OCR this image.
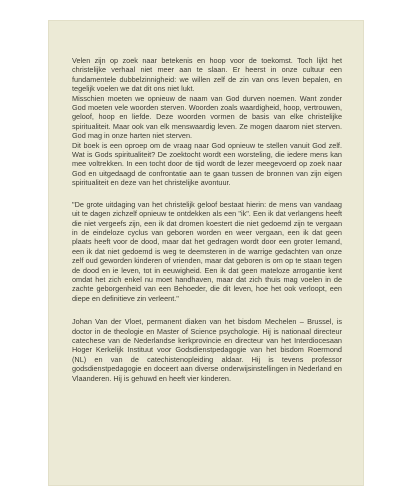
Velen zijn op zoek naar betekenis en hoop voor de toekomst. Toch lijkt het christelijke verhaal niet meer aan te slaan. Er heerst in onze cultuur een fundamentele dubbelzinnigheid: we willen zelf de zin van ons leven bepalen, en tegelijk voelen we dat dit ons niet lukt.

Misschien moeten we opnieuw de naam van God durven noemen. Want zonder God moeten vele woorden sterven. Woorden zoals waardigheid, hoop, vertrouwen, geloof, hoop en liefde. Deze woorden vormen de basis van elke christelijke spiritualiteit. Maar ook van elk menswaardig leven. Ze mogen daarom niet sterven. God mag in onze harten niet sterven.

Dit boek is een oproep om de vraag naar God opnieuw te stellen vanuit God zelf. Wat is Gods spiritualiteit? De zoektocht wordt een worsteling, die iedere mens kan mee voltrekken. In een tocht door de tijd wordt de lezer meegevoerd op zoek naar God en uitgedaagd de confrontatie aan te gaan tussen de bronnen van zijn eigen spiritualiteit en deze van het christelijke avontuur.

"De grote uitdaging van het christelijk geloof bestaat hierin: de mens van vandaag uit te dagen zichzelf opnieuw te ontdekken als een "ik". Een ik dat verlangens heeft die niet vergeefs zijn, een ik dat dromen koestert die niet gedoemd zijn te vergaan in de eindeloze cyclus van geboren worden en weer vergaan, een ik dat geen plaats heeft voor de dood, maar dat het gedragen wordt door een groter Iemand, een ik dat niet gedoemd is weg te deemsteren in de warrige gedachten van onze zelf oud geworden kinderen of vrienden, maar dat geboren is om op te staan tegen de dood en ie leven, tot in eeuwigheid. Een ik dat geen mateloze arrogantie kent omdat het zich enkel nu moet handhaven, maar dat zich thuis mag voelen in de zachte geborgenheid van een Behoeder, die dit leven, hoe het ook verloopt, een diepe en definitieve zin verleent."

Johan Van der Vloet, permanent diaken van het bisdom Mechelen – Brussel, is doctor in de theologie en Master of Science psychologie. Hij is nationaal directeur catechese van de Nederlandse kerkprovincie en directeur van het Interdiocesaan Hoger Kerkelijk Instituut voor Godsdienstpedagogie van het bisdom Roermond (NL) en van de catechistenopleiding aldaar. Hij is tevens professor godsdienstpedagogie en doceert aan diverse onderwijsinstellingen in Nederland en Vlaanderen. Hij is gehuwd en heeft vier kinderen.
